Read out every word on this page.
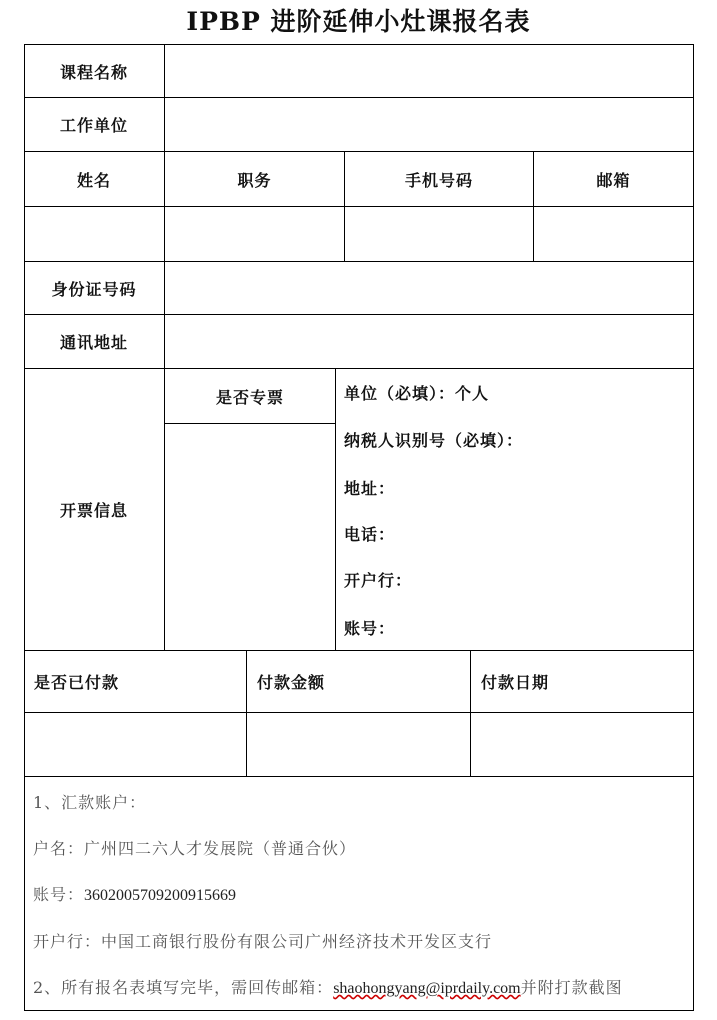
IPBP 进阶延伸小灶课报名表
课程名称
工作单位
姓名	职务	手机号码	邮箱
身份证号码
通讯地址
开票信息
是否专票	单位（必填）：个人
纳税人识别号（必填）：
地址：
电话：
开户行：
账号：
是否已付款	付款金额	付款日期
1、汇款账户：
户名：广州四二六人才发展院（普通合伙）
账号：3602005709200915669
开户行：中国工商银行股份有限公司广州经济技术开发区支行
2、所有报名表填写完毕，需回传邮箱：shaohongyang@iprdaily.com并附打款截图
